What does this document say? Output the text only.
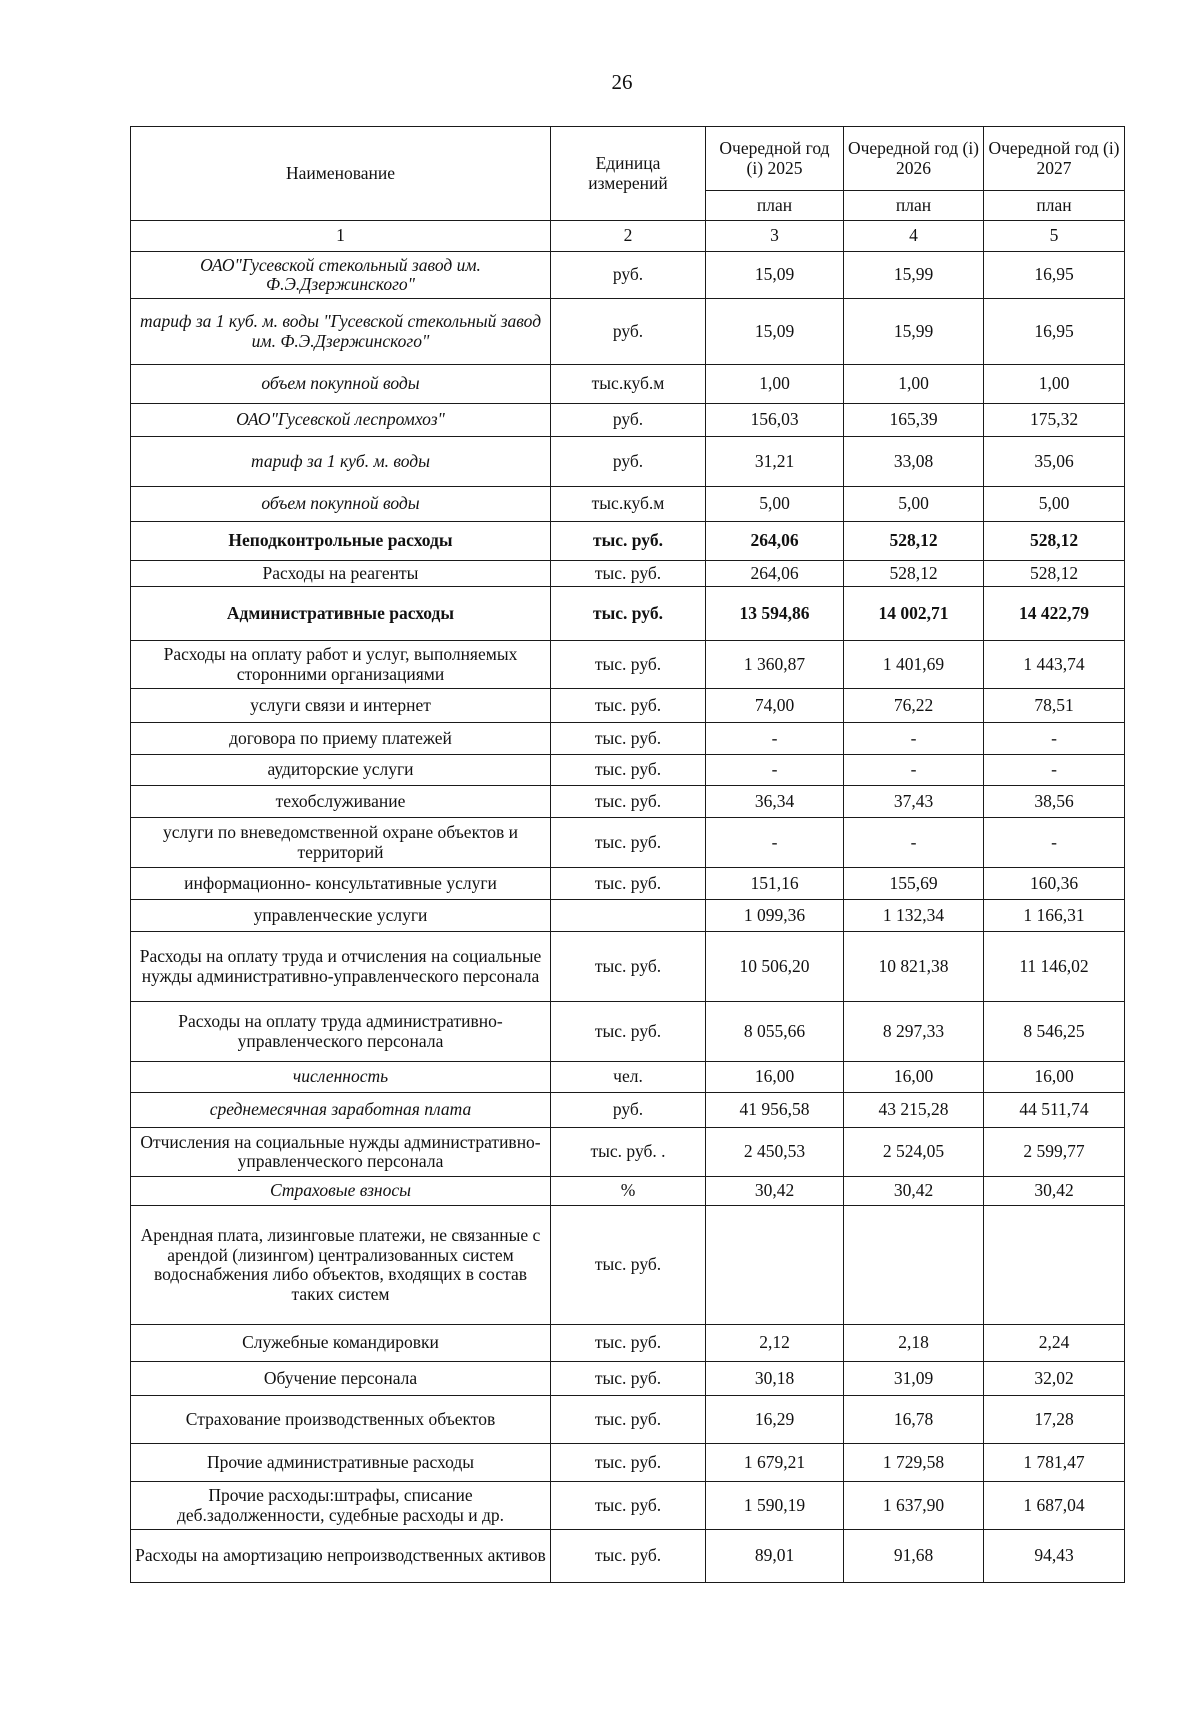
26
Наименование	Единица измерений	Очередной год (i) 2025	Очередной год (i) 2026	Очередной год (i) 2027
		план	план	план
1	2	3	4	5
ОАО"Гусевской стекольный завод им. Ф.Э.Дзержинского"	руб.	15,09	15,99	16,95
тариф за 1 куб. м. воды "Гусевской стекольный завод им. Ф.Э.Дзержинского"	руб.	15,09	15,99	16,95
объем покупной воды	тыс.куб.м	1,00	1,00	1,00
ОАО"Гусевской леспромхоз"	руб.	156,03	165,39	175,32
тариф за 1 куб. м. воды	руб.	31,21	33,08	35,06
объем покупной воды	тыс.куб.м	5,00	5,00	5,00
Неподконтрольные расходы	тыс. руб.	264,06	528,12	528,12
Расходы на реагенты	тыс. руб.	264,06	528,12	528,12
Административные расходы	тыс. руб.	13 594,86	14 002,71	14 422,79
Расходы на оплату работ и услуг, выполняемых сторонними организациями	тыс. руб.	1 360,87	1 401,69	1 443,74
услуги связи и интернет	тыс. руб.	74,00	76,22	78,51
договора по приему платежей	тыс. руб.	-	-	-
аудиторские услуги	тыс. руб.	-	-	-
техобслуживание	тыс. руб.	36,34	37,43	38,56
услуги по вневедомственной охране объектов и территорий	тыс. руб.	-	-	-
информационно- консультативные услуги	тыс. руб.	151,16	155,69	160,36
управленческие услуги		1 099,36	1 132,34	1 166,31
Расходы на оплату труда и отчисления на социальные нужды административно-управленческого персонала	тыс. руб.	10 506,20	10 821,38	11 146,02
Расходы на оплату труда административно-управленческого персонала	тыс. руб.	8 055,66	8 297,33	8 546,25
численность	чел.	16,00	16,00	16,00
среднемесячная заработная плата	руб.	41 956,58	43 215,28	44 511,74
Отчисления на социальные нужды административно-управленческого персонала	тыс. руб. .	2 450,53	2 524,05	2 599,77
Страховые взносы	%	30,42	30,42	30,42
Арендная плата, лизинговые платежи, не связанные с арендой (лизингом) централизованных систем водоснабжения либо объектов, входящих в состав таких систем	тыс. руб.			
Служебные командировки	тыс. руб.	2,12	2,18	2,24
Обучение персонала	тыс. руб.	30,18	31,09	32,02
Страхование производственных объектов	тыс. руб.	16,29	16,78	17,28
Прочие административные расходы	тыс. руб.	1 679,21	1 729,58	1 781,47
Прочие расходы:штрафы, списание деб.задолженности, судебные расходы и др.	тыс. руб.	1 590,19	1 637,90	1 687,04
Расходы на амортизацию непроизводственных активов	тыс. руб.	89,01	91,68	94,43
